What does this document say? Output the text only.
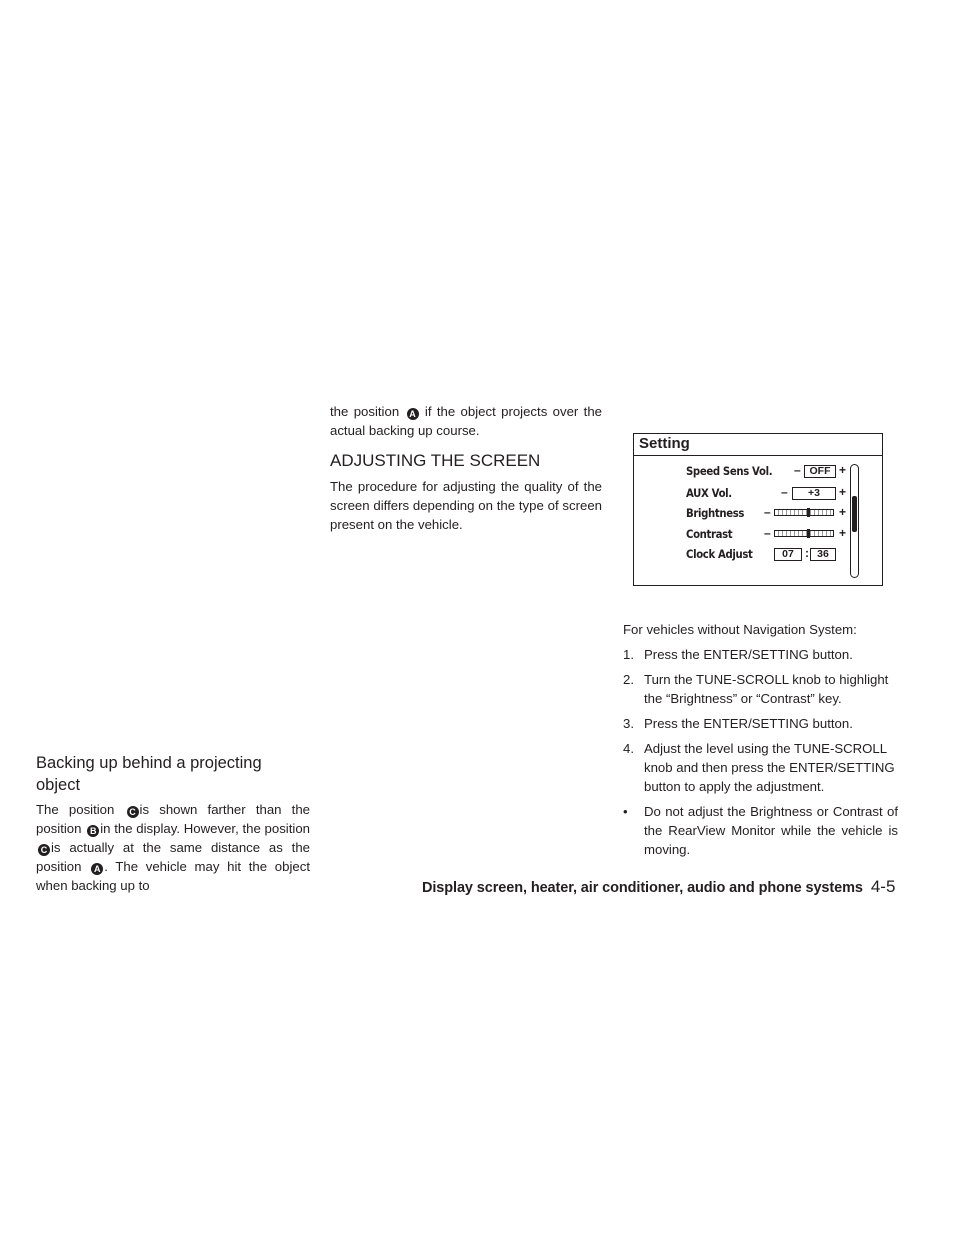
Backing up behind a projecting object

The position C is shown farther than the position B in the display. However, the position C is actually at the same distance as the position A . The vehicle may hit the object when backing up to

the position A if the object projects over the actual backing up course.

ADJUSTING THE SCREEN

The procedure for adjusting the quality of the screen differs depending on the type of screen present on the vehicle.

Setting
Speed Sens Vol. – OFF +
AUX Vol.	–	+3	+
Brightness –	+
Contrast	–	+
Clock Adjust	07 : 36

For vehicles without Navigation System:

1. Press the ENTER/SETTING button.
2. Turn the TUNE-SCROLL knob to highlight the “Brightness” or “Contrast” key.
3. Press the ENTER/SETTING button.
4. Adjust the level using the TUNE-SCROLL knob and then press the ENTER/SETTING button to apply the adjustment.

• Do not adjust the Brightness or Contrast of the RearView Monitor while the vehicle is moving.

Display screen, heater, air conditioner, audio and phone systems 4-5
